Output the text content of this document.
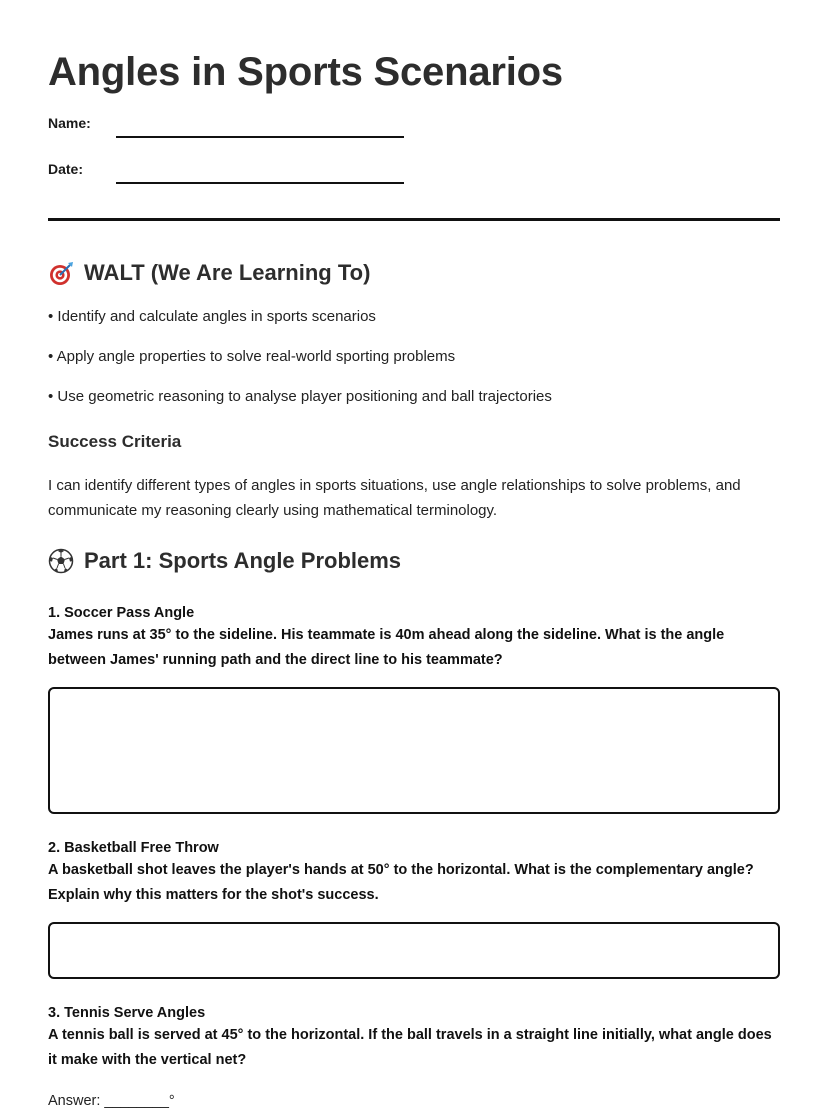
Angles in Sports Scenarios
Name:
Date:
WALT (We Are Learning To)
• Identify and calculate angles in sports scenarios
• Apply angle properties to solve real-world sporting problems
• Use geometric reasoning to analyse player positioning and ball trajectories
Success Criteria
I can identify different types of angles in sports situations, use angle relationships to solve problems, and communicate my reasoning clearly using mathematical terminology.
Part 1: Sports Angle Problems
1. Soccer Pass Angle
James runs at 35° to the sideline. His teammate is 40m ahead along the sideline. What is the angle between James' running path and the direct line to his teammate?
2. Basketball Free Throw
A basketball shot leaves the player's hands at 50° to the horizontal. What is the complementary angle? Explain why this matters for the shot's success.
3. Tennis Serve Angles
A tennis ball is served at 45° to the horizontal. If the ball travels in a straight line initially, what angle does it make with the vertical net?
Answer: ________°
